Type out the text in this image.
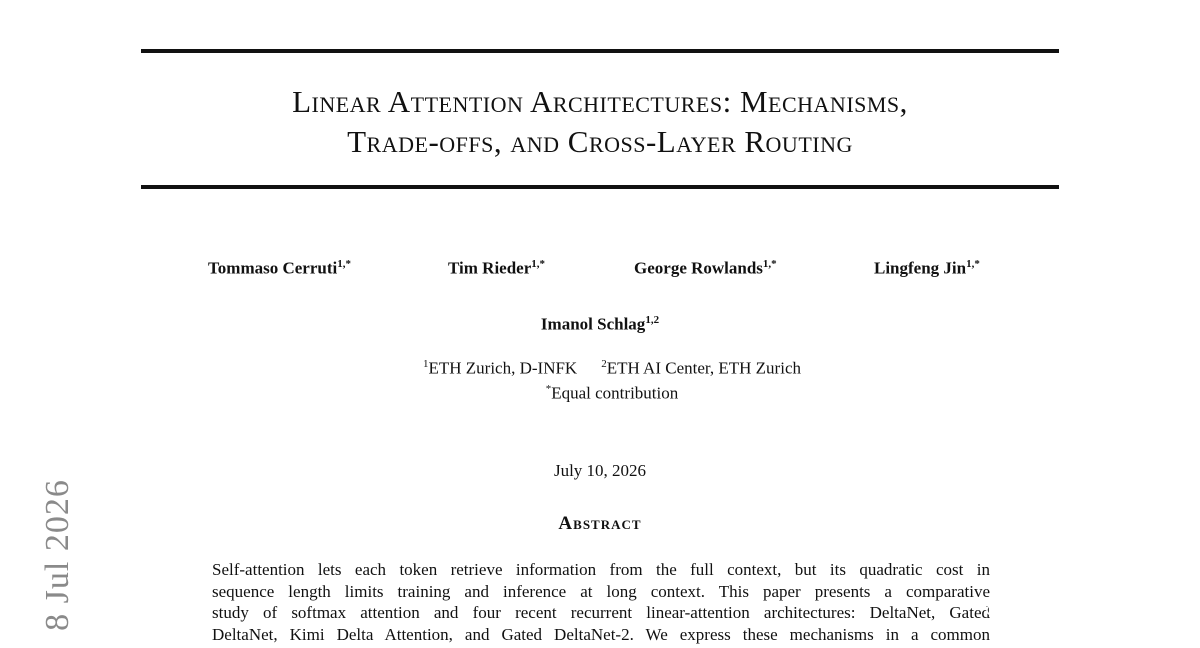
Linear Attention Architectures: Mechanisms,
Trade-offs, and Cross-Layer Routing
Tommaso Cerruti$^{1,*}$	Tim Rieder$^{1,*}$	George Rowlands$^{1,*}$	Lingfeng Jin$^{1,*}$
Imanol Schlag$^{1,2}$
$^1$ETH Zurich, D-INFK $^2$ETH AI Center, ETH Zurich
*Equal contribution
July 10, 2026
Abstract
Self-attention lets each token retrieve information from the full context, but its quadratic cost in
sequence length limits training and inference at long context. This paper presents a comparative
study of softmax attention and four recent recurrent linear-attention architectures: DeltaNet, Gated
DeltaNet, Kimi Delta Attention, and Gated DeltaNet-2. We express these mechanisms in a common
8 Jul 2026	@科技行者
